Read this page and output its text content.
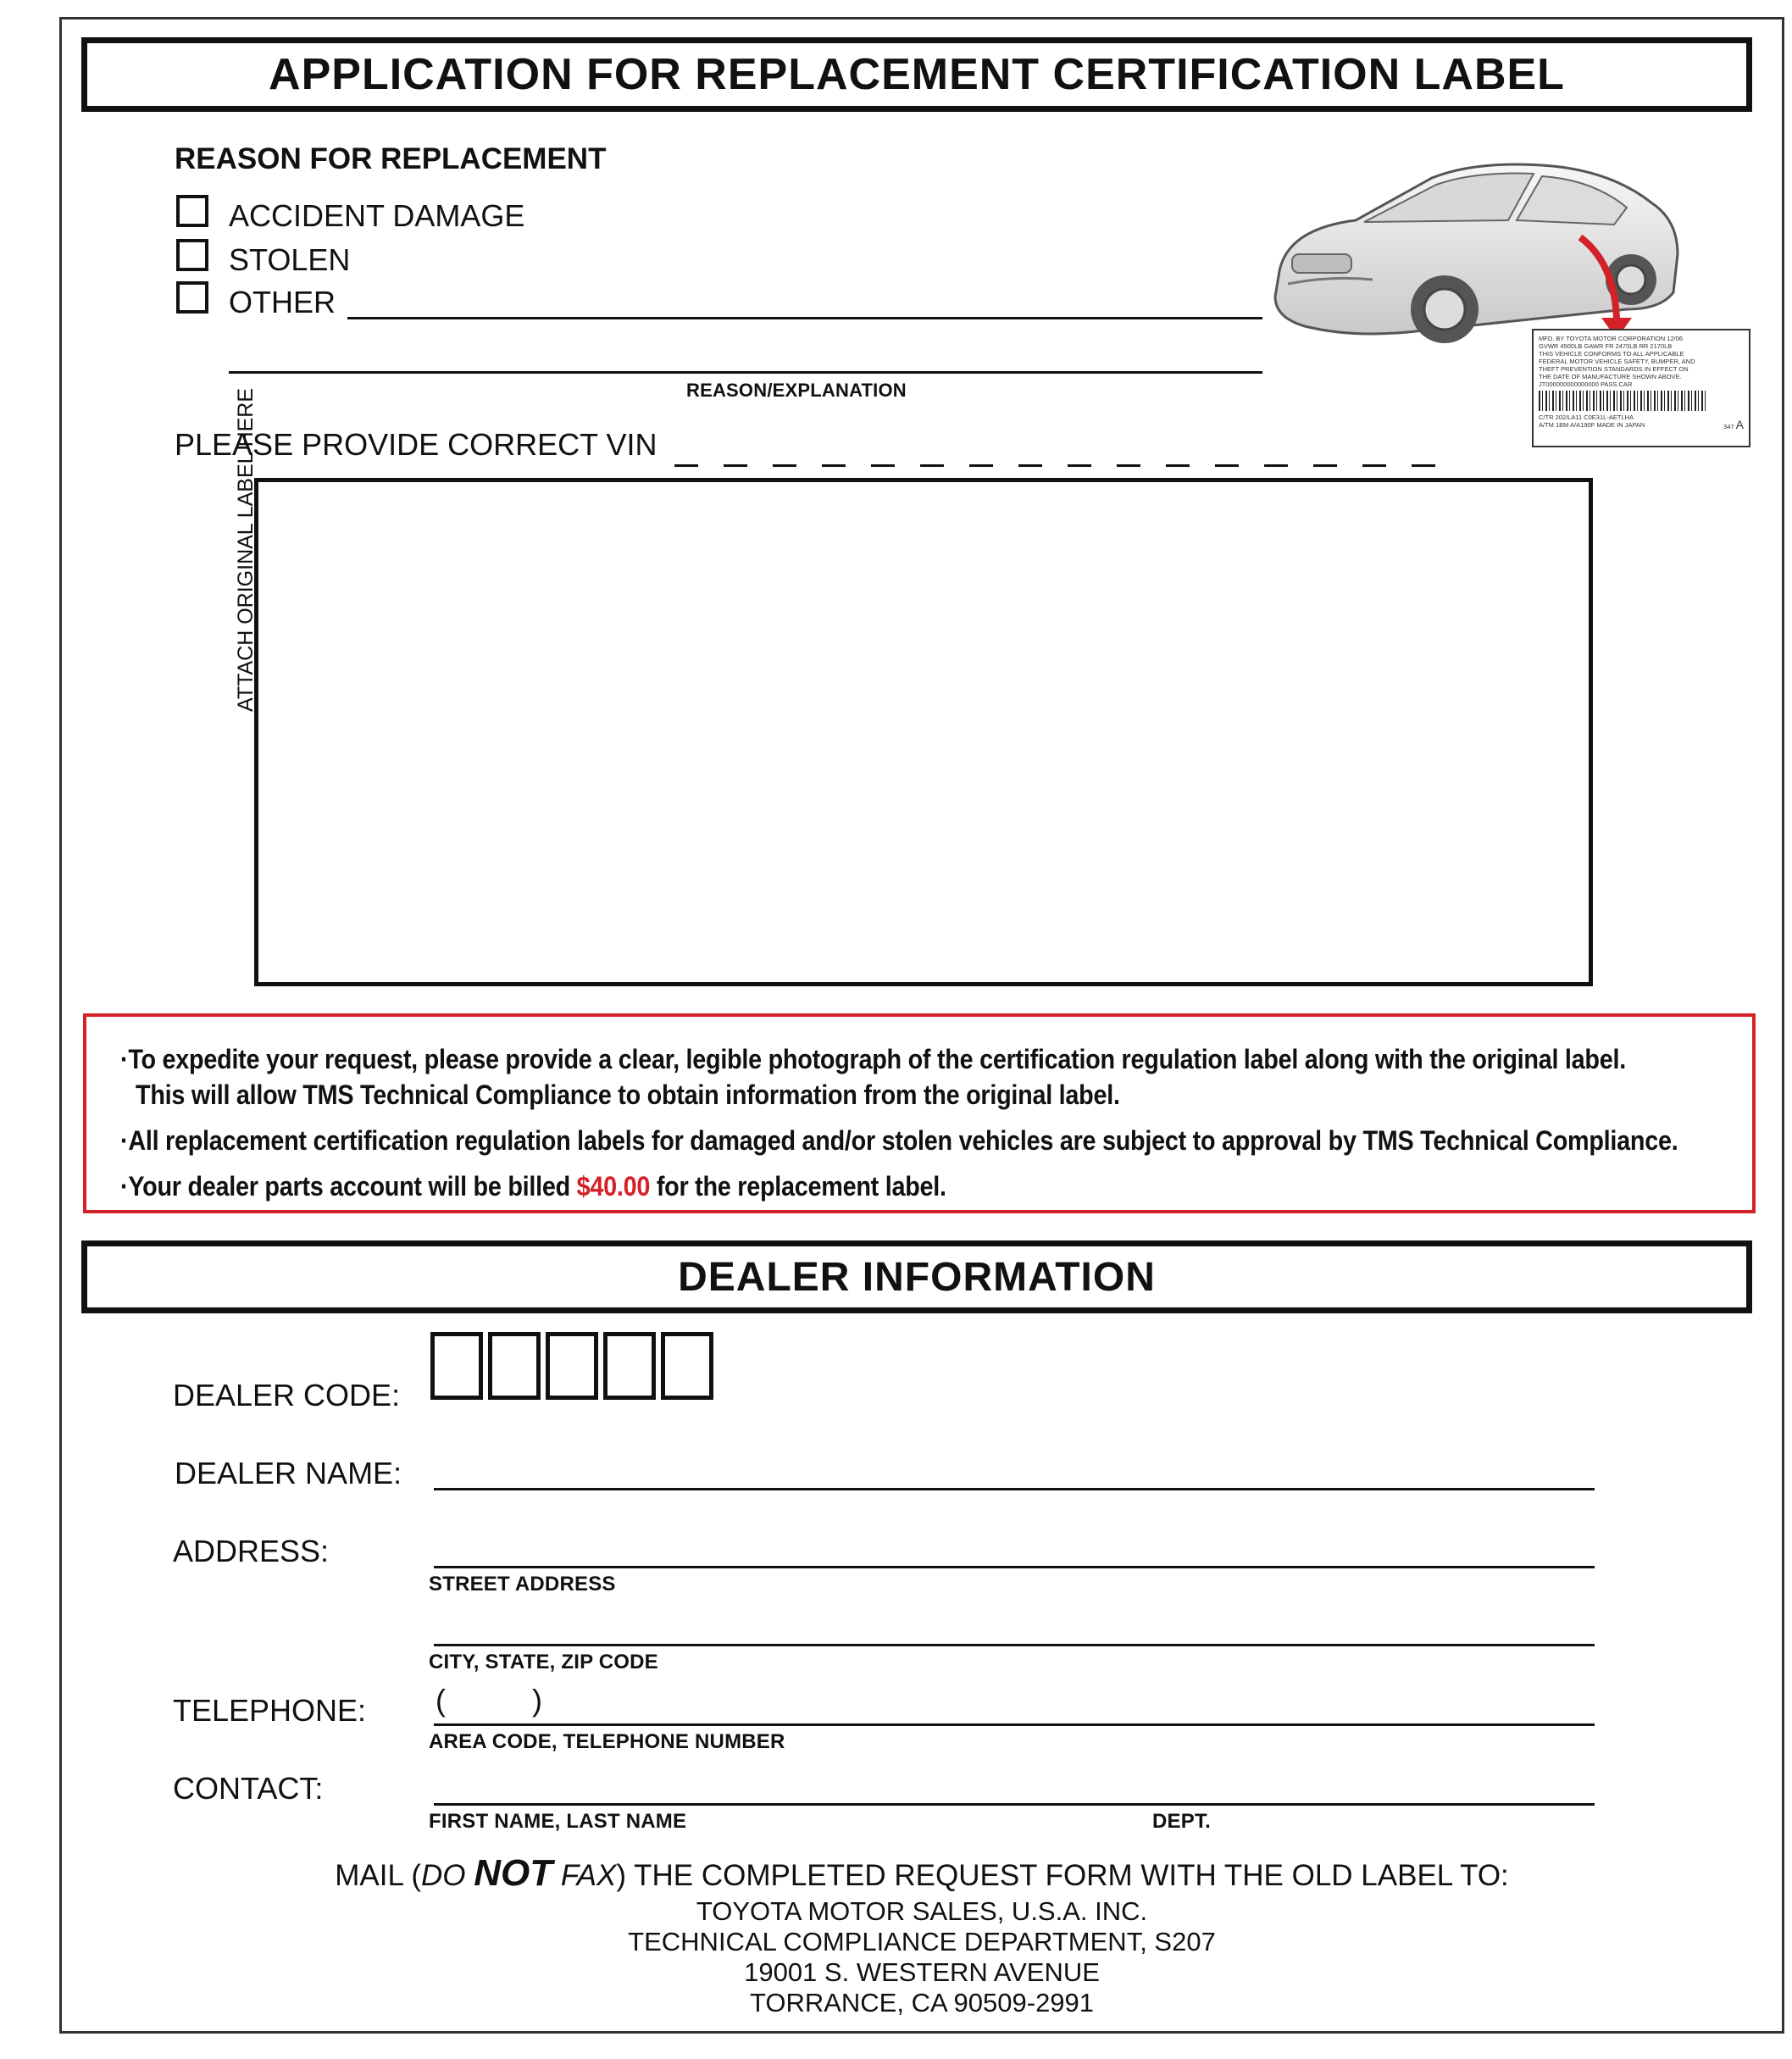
APPLICATION FOR REPLACEMENT CERTIFICATION LABEL
REASON FOR REPLACEMENT
ACCIDENT DAMAGE
STOLEN
OTHER
REASON/EXPLANATION
MFD. BY TOYOTA MOTOR CORPORATION 12/06
GVWR 4500LB GAWR FR 2470LB RR 2170LB
THIS VEHICLE CONFORMS TO ALL APPLICABLE
FEDERAL MOTOR VEHICLE SAFETY, BUMPER, AND
THEFT PREVENTION STANDARDS IN EFFECT ON
THE DATE OF MANUFACTURE SHOWN ABOVE.
JT000000000000000 PASS.CAR
C/TR 202/LA11 C0E31L-AETLHA
A/TM 1BM A/A190F MADE IN JAPAN	347 A
PLEASE PROVIDE CORRECT VIN
ATTACH ORIGINAL LABEL HERE

·To expedite your request, please provide a clear, legible photograph of the certification regulation label along with the original label.

This will allow TMS Technical Compliance to obtain information from the original label.

·All replacement certification regulation labels for damaged and/or stolen vehicles are subject to approval by TMS Technical Compliance.

·Your dealer parts account will be billed $40.00 for the replacement label.

DEALER INFORMATION
DEALER CODE:
DEALER NAME:
ADDRESS:
STREET ADDRESS
CITY, STATE, ZIP CODE
TELEPHONE: (	)
AREA CODE, TELEPHONE NUMBER
CONTACT:
FIRST NAME, LAST NAME	DEPT.
MAIL (DO NOT FAX) THE COMPLETED REQUEST FORM WITH THE OLD LABEL TO:
TOYOTA MOTOR SALES, U.S.A. INC.
TECHNICAL COMPLIANCE DEPARTMENT, S207
19001 S. WESTERN AVENUE
TORRANCE, CA 90509-2991
